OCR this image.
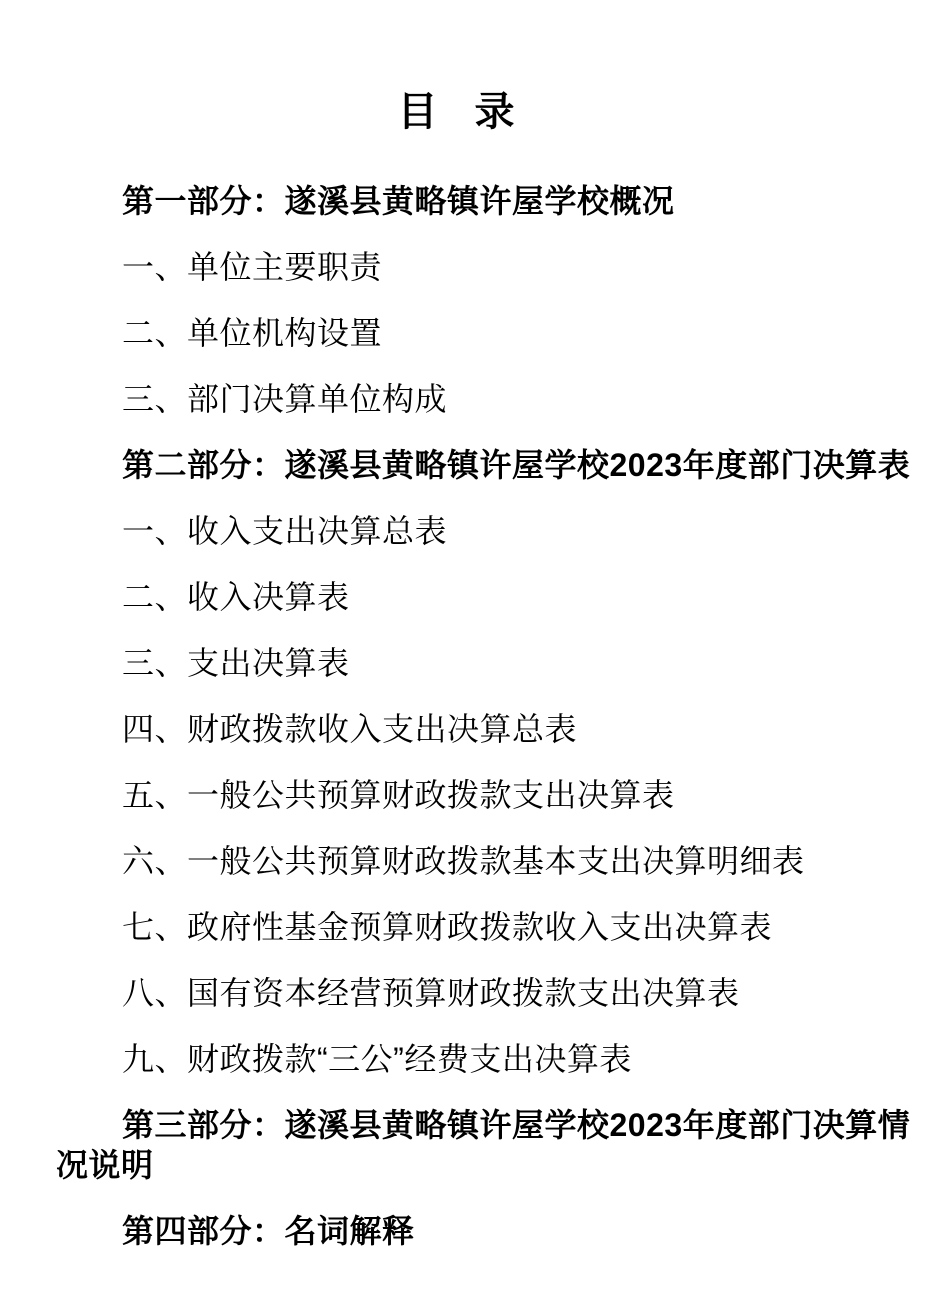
目 录

第一部分：遂溪县黄略镇许屋学校概况

一、单位主要职责

二、单位机构设置

三、部门决算单位构成

第二部分：遂溪县黄略镇许屋学校2023年度部门决算表

一、收入支出决算总表

二、收入决算表

三、支出决算表

四、财政拨款收入支出决算总表

五、一般公共预算财政拨款支出决算表

六、一般公共预算财政拨款基本支出决算明细表

七、政府性基金预算财政拨款收入支出决算表

八、国有资本经营预算财政拨款支出决算表

九、财政拨款“三公”经费支出决算表

第三部分：遂溪县黄略镇许屋学校2023年度部门决算情况说明

第四部分：名词解释
